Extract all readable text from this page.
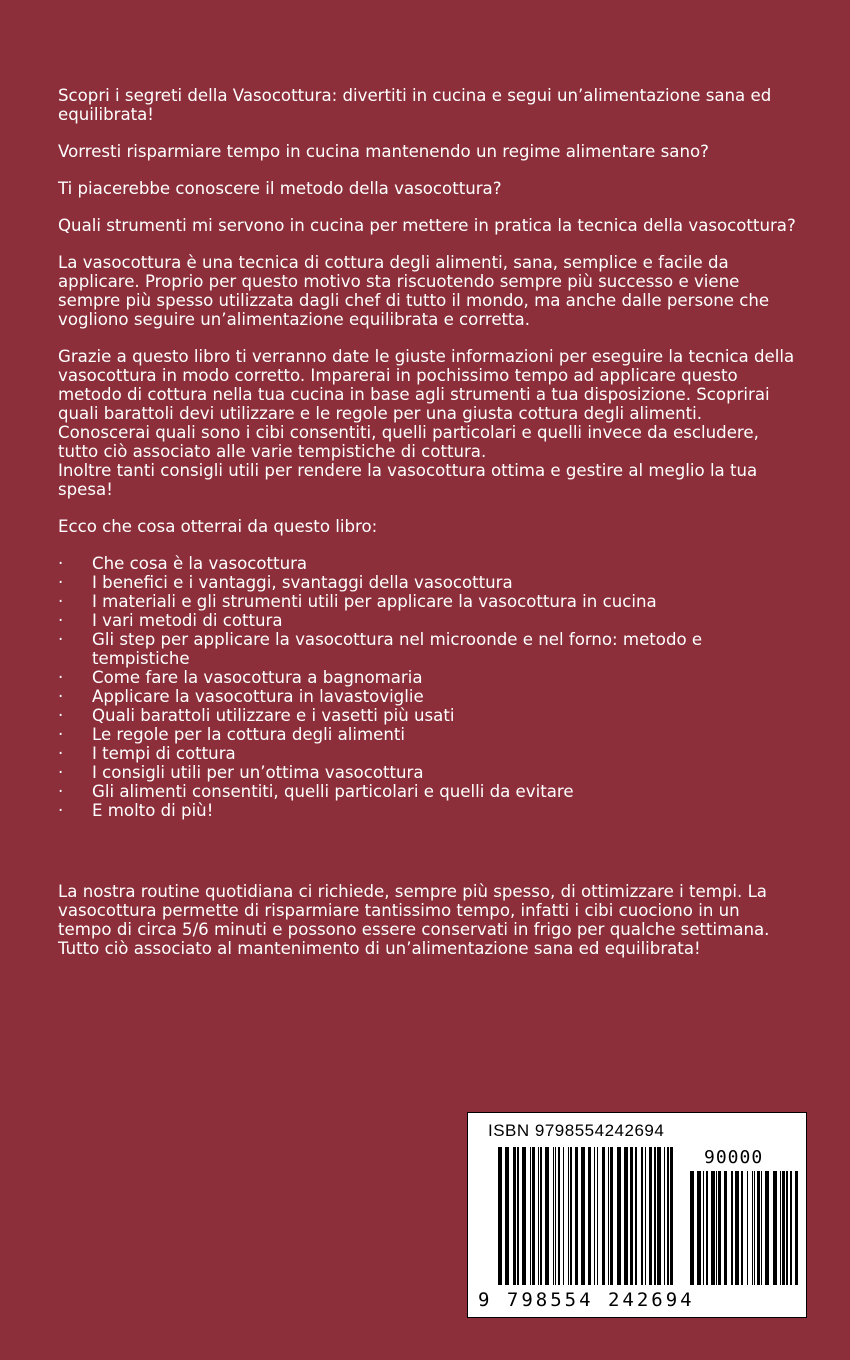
Scopri i segreti della Vasocottura: divertiti in cucina e segui un’alimentazione sana ed equilibrata!

Vorresti risparmiare tempo in cucina mantenendo un regime alimentare sano?

Ti piacerebbe conoscere il metodo della vasocottura?

Quali strumenti mi servono in cucina per mettere in pratica la tecnica della vasocottura?

La vasocottura è una tecnica di cottura degli alimenti, sana, semplice e facile da applicare. Proprio per questo motivo sta riscuotendo sempre più successo e viene sempre più spesso utilizzata dagli chef di tutto il mondo, ma anche dalle persone che vogliono seguire un’alimentazione equilibrata e corretta.

Grazie a questo libro ti verranno date le giuste informazioni per eseguire la tecnica della vasocottura in modo corretto. Imparerai in pochissimo tempo ad applicare questo metodo di cottura nella tua cucina in base agli strumenti a tua disposizione. Scoprirai quali barattoli devi utilizzare e le regole per una giusta cottura degli alimenti. Conoscerai quali sono i cibi consentiti, quelli particolari e quelli invece da escludere, tutto ciò associato alle varie tempistiche di cottura.

Inoltre tanti consigli utili per rendere la vasocottura ottima e gestire al meglio la tua spesa!

Ecco che cosa otterrai da questo libro:

· Che cosa è la vasocottura
· I benefici e i vantaggi, svantaggi della vasocottura
· I materiali e gli strumenti utili per applicare la vasocottura in cucina
· I vari metodi di cottura
· Gli step per applicare la vasocottura nel microonde e nel forno: metodo e tempistiche
· Come fare la vasocottura a bagnomaria
· Applicare la vasocottura in lavastoviglie
· Quali barattoli utilizzare e i vasetti più usati
· Le regole per la cottura degli alimenti
· I tempi di cottura
· I consigli utili per un’ottima vasocottura
· Gli alimenti consentiti, quelli particolari e quelli da evitare
· E molto di più!

La nostra routine quotidiana ci richiede, sempre più spesso, di ottimizzare i tempi. La vasocottura permette di risparmiare tantissimo tempo, infatti i cibi cuociono in un tempo di circa 5/6 minuti e possono essere conservati in frigo per qualche settimana. Tutto ciò associato al mantenimento di un’alimentazione sana ed equilibrata!

ISBN 9798554242694
90000
9 798554 242694
